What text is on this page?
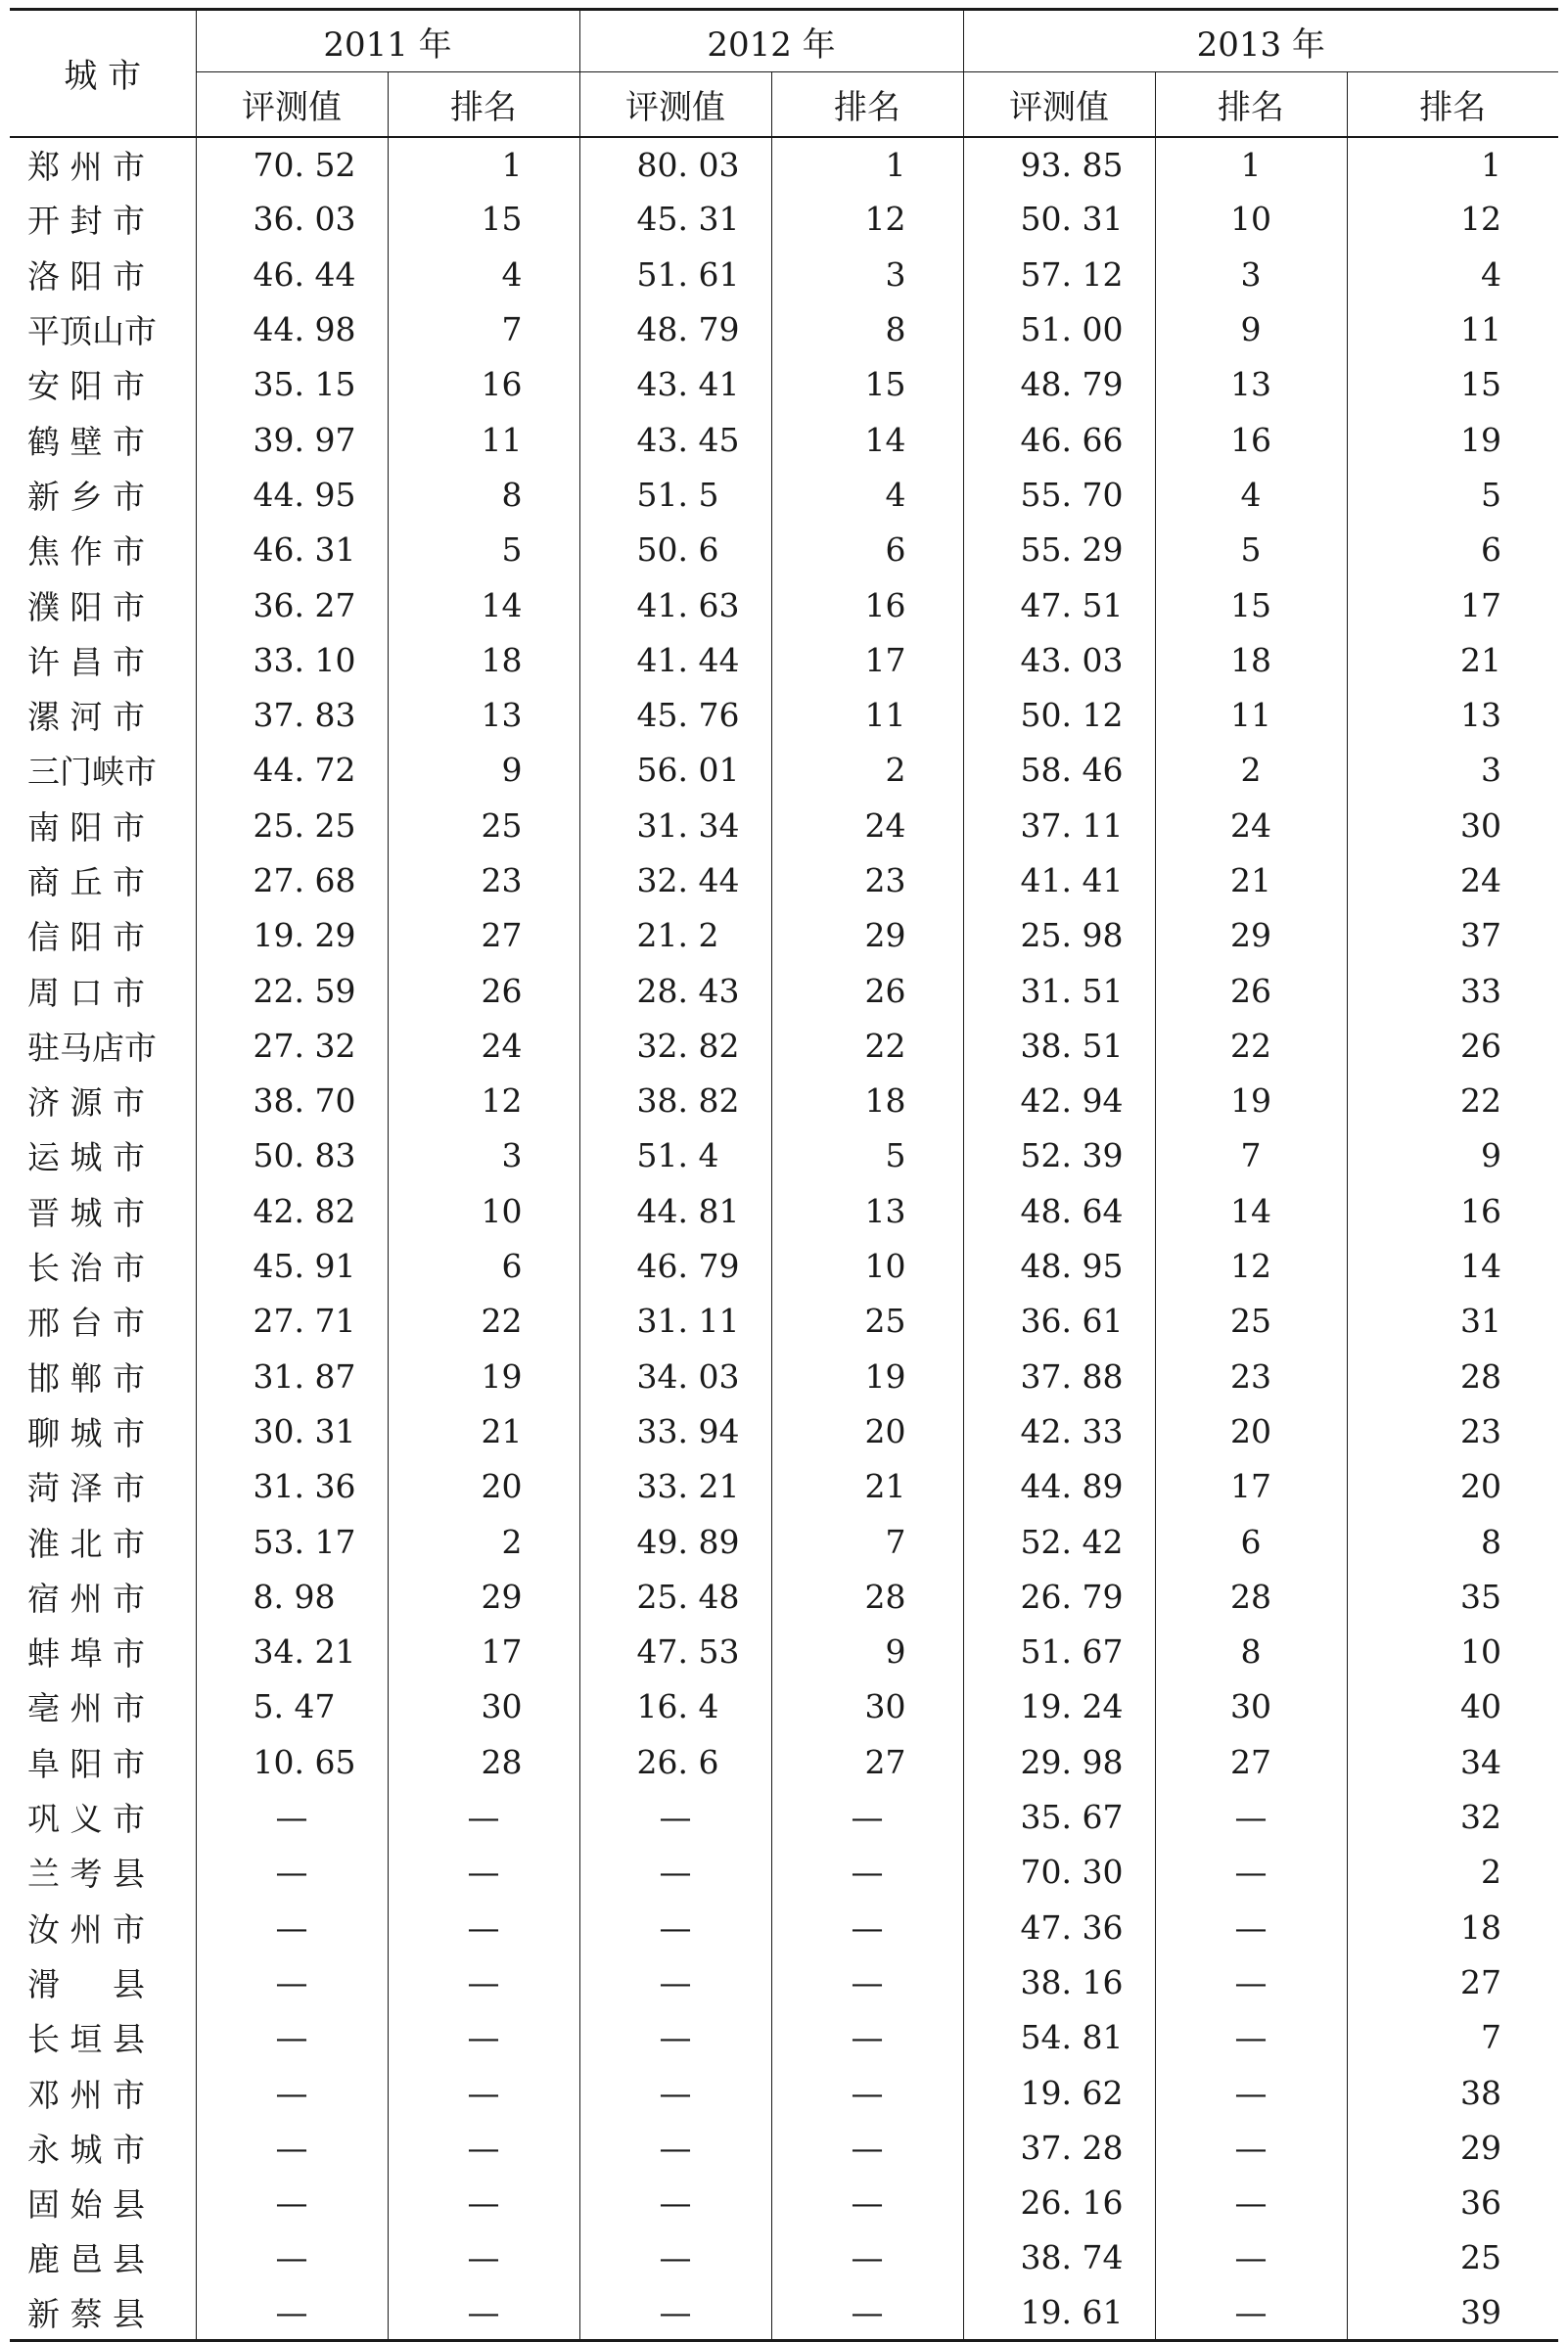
城 市	2011 年		2012 年		2013 年		
	评测值	排名	评测值	排名	评测值	排名	排名
郑 州 市	70. 52	1	80. 03	1	93. 85	1	1
开 封 市	36. 03	15	45. 31	12	50. 31	10	12
洛 阳 市	46. 44	4	51. 61	3	57. 12	3	4
平顶山市	44. 98	7	48. 79	8	51. 00	9	11
安 阳 市	35. 15	16	43. 41	15	48. 79	13	15
鹤 壁 市	39. 97	11	43. 45	14	46. 66	16	19
新 乡 市	44. 95	8	51. 5	4	55. 70	4	5
焦 作 市	46. 31	5	50. 6	6	55. 29	5	6
濮 阳 市	36. 27	14	41. 63	16	47. 51	15	17
许 昌 市	33. 10	18	41. 44	17	43. 03	18	21
漯 河 市	37. 83	13	45. 76	11	50. 12	11	13
三门峡市	44. 72	9	56. 01	2	58. 46	2	3
南 阳 市	25. 25	25	31. 34	24	37. 11	24	30
商 丘 市	27. 68	23	32. 44	23	41. 41	21	24
信 阳 市	19. 29	27	21. 2	29	25. 98	29	37
周 口 市	22. 59	26	28. 43	26	31. 51	26	33
驻马店市	27. 32	24	32. 82	22	38. 51	22	26
济 源 市	38. 70	12	38. 82	18	42. 94	19	22
运 城 市	50. 83	3	51. 4	5	52. 39	7	9
晋 城 市	42. 82	10	44. 81	13	48. 64	14	16
长 治 市	45. 91	6	46. 79	10	48. 95	12	14
邢 台 市	27. 71	22	31. 11	25	36. 61	25	31
邯 郸 市	31. 87	19	34. 03	19	37. 88	23	28
聊 城 市	30. 31	21	33. 94	20	42. 33	20	23
菏 泽 市	31. 36	20	33. 21	21	44. 89	17	20
淮 北 市	53. 17	2	49. 89	7	52. 42	6	8
宿 州 市	8. 98	29	25. 48	28	26. 79	28	35
蚌 埠 市	34. 21	17	47. 53	9	51. 67	8	10
亳 州 市	5. 47	30	16. 4	30	19. 24	30	40
阜 阳 市	10. 65	28	26. 6	27	29. 98	27	34
巩 义 市	—	—	—	—	35. 67	—	32
兰 考 县	—	—	—	—	70. 30	—	2
汝 州 市	—	—	—	—	47. 36	—	18
滑 　 县	—	—	—	—	38. 16	—	27
长 垣 县	—	—	—	—	54. 81	—	7
邓 州 市	—	—	—	—	19. 62	—	38
永 城 市	—	—	—	—	37. 28	—	29
固 始 县	—	—	—	—	26. 16	—	36
鹿 邑 县	—	—	—	—	38. 74	—	25
新 蔡 县	—	—	—	—	19. 61	—	39
